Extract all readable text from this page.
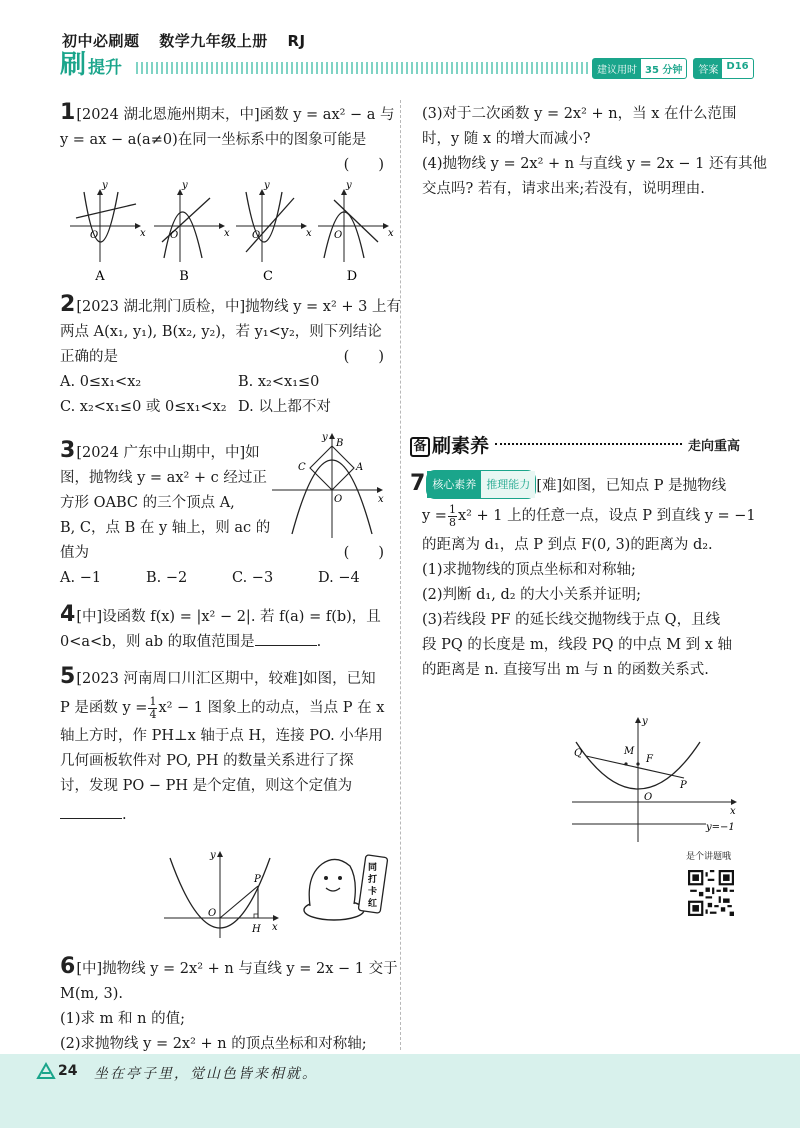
初中必刷题 数学九年级上册 RJ
刷 提升	建议用时 35 分钟	答案 D16
1[2024 湖北恩施州期末，中]函数 y = ax² − a 与
y = ax − a(a≠0)在同一坐标系中的图象可能是
(　　)
y
x
O
y
x
O
y
x
O
y
x
O
A	B	C	D
2[2023 湖北荆门质检，中]抛物线 y = x² + 3 上有
两点 A(x₁, y₁), B(x₂, y₂)，若 y₁<y₂，则下列结论
正确的是	(　　)
A. 0≤x₁<x₂	B. x₂<x₁≤0
C. x₂<x₁≤0 或 0≤x₁<x₂ D. 以上都不对
3[2024 广东中山期中，中]如
图，抛物线 y = ax² + c 经过正
方形 OABC 的三个顶点 A,
B, C，点 B 在 y 轴上，则 ac 的
值为	(　　)
A. −1	B. −2	C. −3	D. −4
B
A
C
O
y
x
4[中]设函数 f(x) = |x² − 2|. 若 f(a) = f(b)，且
0<a<b，则 ab 的取值范围是	.
5[2023 河南周口川汇区期中，较难]如图，已知
P 是函数 $y = \frac{1}{4} x^2 - 1$ 图象上的动点，当点 P 在 x
轴上方时，作 PH⊥x 轴于点 H，连接 PO. 小华用
几何画板软件对 PO, PH 的数量关系进行了探
讨，发现 PO − PH 是个定值，则这个定值为
.
y
x
O
P
H
同
打
卡
红
6[中]抛物线 y = 2x² + n 与直线 y = 2x − 1 交于
M(m, 3).
(1)求 m 和 n 的值;
(2)求抛物线 y = 2x² + n 的顶点坐标和对称轴;
(3)对于二次函数 y = 2x² + n，当 x 在什么范围
时，y 随 x 的增大而减小?
(4)抛物线 y = 2x² + n 与直线 y = 2x − 1 还有其他
交点吗? 若有，请求出来;若没有，说明理由.
备 刷素养	走向重高
7 核心素养 推理能力 [难]如图，已知点 P 是抛物线
$y = \frac{1}{8} x^2 + 1$ 上的任意一点，设点 P 到直线 y = −1
的距离为 d₁，点 P 到点 F(0, 3)的距离为 d₂.
(1)求抛物线的顶点坐标和对称轴;
(2)判断 d₁, d₂ 的大小关系并证明;
(3)若线段 PF 的延长线交抛物线于点 Q，且线
段 PQ 的长度是 m，线段 PQ 的中点 M 到 x 轴
的距离是 n. 直接写出 m 与 n 的函数关系式.
y
x
O
Q	M
F
P
y=−1
是个讲题哦
24 坐在亭子里，觉山色皆来相就。
